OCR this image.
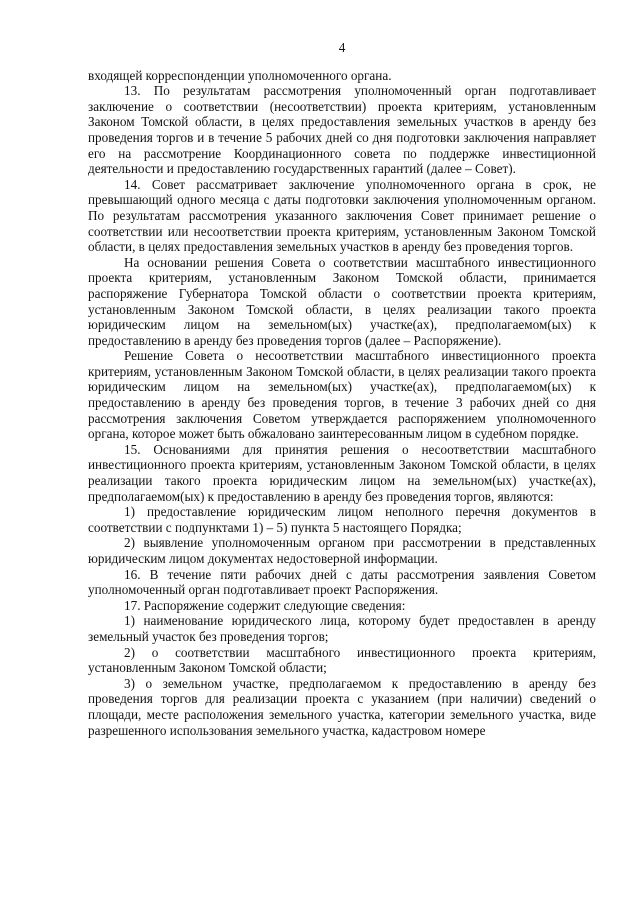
4

входящей корреспонденции уполномоченного органа.

13. По результатам рассмотрения уполномоченный орган подготавливает заключение о соответствии (несоответствии) проекта критериям, установленным Законом Томской области, в целях предоставления земельных участков в аренду без проведения торгов и в течение 5 рабочих дней со дня подготовки заключения направляет его на рассмотрение Координационного совета по поддержке инвестиционной деятельности и предоставлению государственных гарантий (далее – Совет).

14. Совет рассматривает заключение уполномоченного органа в срок, не превышающий одного месяца с даты подготовки заключения уполномоченным органом. По результатам рассмотрения указанного заключения Совет принимает решение о соответствии или несоответствии проекта критериям, установленным Законом Томской области, в целях предоставления земельных участков в аренду без проведения торгов.

На основании решения Совета о соответствии масштабного инвестиционного проекта критериям, установленным Законом Томской области, принимается распоряжение Губернатора Томской области о соответствии проекта критериям, установленным Законом Томской области, в целях реализации такого проекта юридическим лицом на земельном(ых) участке(ах), предполагаемом(ых) к предоставлению в аренду без проведения торгов (далее – Распоряжение).

Решение Совета о несоответствии масштабного инвестиционного проекта критериям, установленным Законом Томской области, в целях реализации такого проекта юридическим лицом на земельном(ых) участке(ах), предполагаемом(ых) к предоставлению в аренду без проведения торгов, в течение 3 рабочих дней со дня рассмотрения заключения Советом утверждается распоряжением уполномоченного органа, которое может быть обжаловано заинтересованным лицом в судебном порядке.

15. Основаниями для принятия решения о несоответствии масштабного инвестиционного проекта критериям, установленным Законом Томской области, в целях реализации такого проекта юридическим лицом на земельном(ых) участке(ах), предполагаемом(ых) к предоставлению в аренду без проведения торгов, являются:

1) предоставление юридическим лицом неполного перечня документов в соответствии с подпунктами 1) – 5) пункта 5 настоящего Порядка;

2) выявление уполномоченным органом при рассмотрении в представленных юридическим лицом документах недостоверной информации.

16. В течение пяти рабочих дней с даты рассмотрения заявления Советом уполномоченный орган подготавливает проект Распоряжения.

17. Распоряжение содержит следующие сведения:

1) наименование юридического лица, которому будет предоставлен в аренду земельный участок без проведения торгов;

2) о соответствии масштабного инвестиционного проекта критериям, установленным Законом Томской области;

3) о земельном участке, предполагаемом к предоставлению в аренду без проведения торгов для реализации проекта с указанием (при наличии) сведений о площади, месте расположения земельного участка, категории земельного участка, виде разрешенного использования земельного участка, кадастровом номере
